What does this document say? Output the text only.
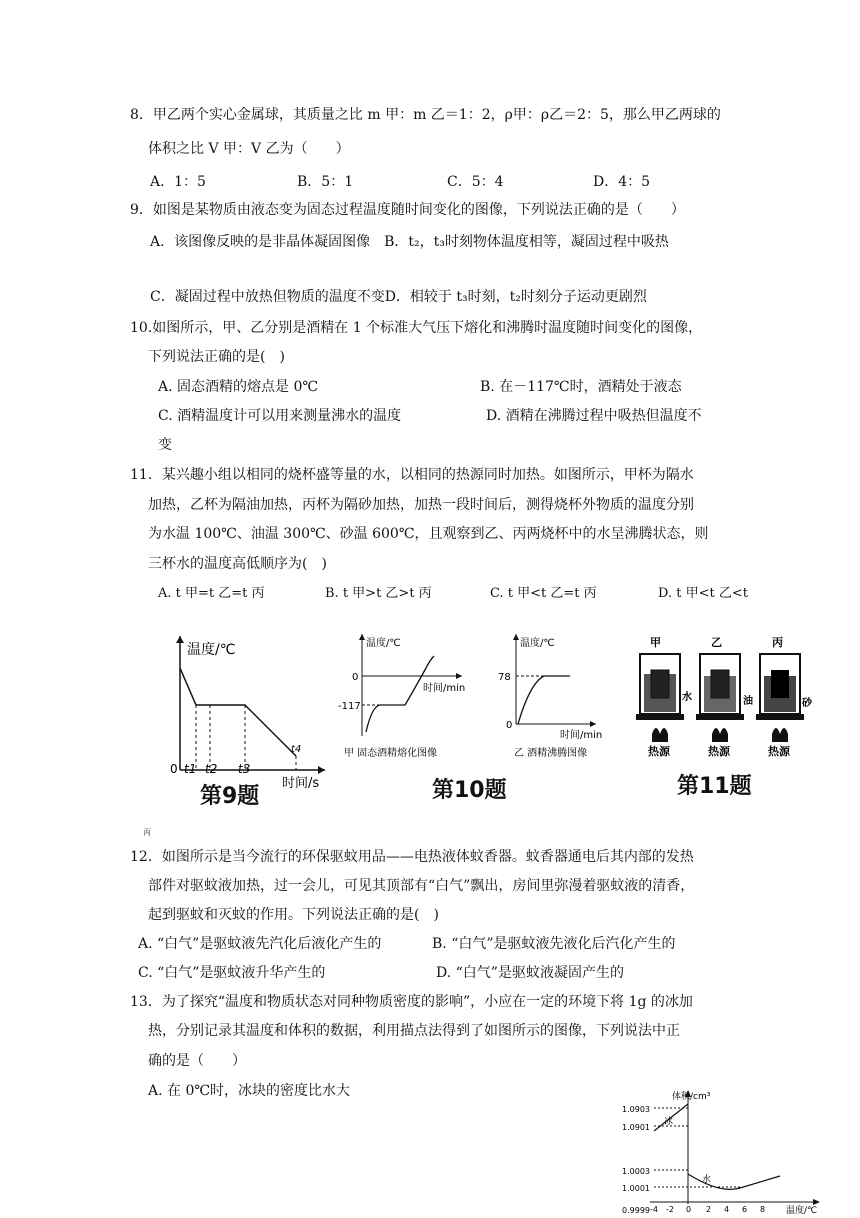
8．甲乙两个实心金属球，其质量之比 m 甲：m 乙＝1：2，ρ甲：ρ乙＝2：5，那么甲乙两球的
体积之比 V 甲：V 乙为（　　）
A．1：5	B．5：1	C．5：4	D．4：5
9．如图是某物质由液态变为固态过程温度随时间变化的图像，下列说法正确的是（　　）
A．该图像反映的是非晶体凝固图像　B．t₂，t₃时刻物体温度相等，凝固过程中吸热
C．凝固过程中放热但物质的温度不变D．相较于 t₃时刻，t₂时刻分子运动更剧烈
10.如图所示，甲、乙分别是酒精在 1 个标准大气压下熔化和沸腾时温度随时间变化的图像，
下列说法正确的是(　)
A. 固态酒精的熔点是 0℃	B. 在－117℃时，酒精处于液态
C. 酒精温度计可以用来测量沸水的温度	D. 酒精在沸腾过程中吸热但温度不
变
11．某兴趣小组以相同的烧杯盛等量的水，以相同的热源同时加热。如图所示，甲杯为隔水
加热，乙杯为隔油加热，丙杯为隔砂加热，加热一段时间后，测得烧杯外物质的温度分别
为水温 100℃、油温 300℃、砂温 600℃，且观察到乙、丙两烧杯中的水呈沸腾状态，则
三杯水的温度高低顺序为(　)
A. t 甲=t 乙=t 丙	B. t 甲>t 乙>t 丙	C. t 甲<t 乙=t 丙	D. t 甲<t 乙<t
温度/℃
0 t1 t2 t3
t4
时间/s
第9题
温度/℃
时间/min
0
-117
甲 固态酒精熔化图像
温度/℃
时间/min
0
78
乙 酒精沸腾图像
第10题
甲	乙	丙
水	油	砂
热源	热源	热源
第11题
丙
12．如图所示是当今流行的环保驱蚊用品——电热液体蚊香器。蚊香器通电后其内部的发热
部件对驱蚊液加热，过一会儿，可见其顶部有“白气”飘出，房间里弥漫着驱蚊液的清香，
起到驱蚊和灭蚊的作用。下列说法正确的是(　)
A. “白气”是驱蚊液先汽化后液化产生的	B. “白气”是驱蚊液先液化后汽化产生的
C. “白气”是驱蚊液升华产生的	D. “白气”是驱蚊液凝固产生的
13．为了探究“温度和物质状态对同种物质密度的影响”，小应在一定的环境下将 1g 的冰加
热，分别记录其温度和体积的数据，利用描点法得到了如图所示的图像，下列说法中正
确的是（　　）
A. 在 0℃时，冰块的密度比水大	体积/cm³
温度/℃
1.0903
1.0901
1.0003
1.0001
0.9999 -4 -2 0 2 4 6 8
冰
水
